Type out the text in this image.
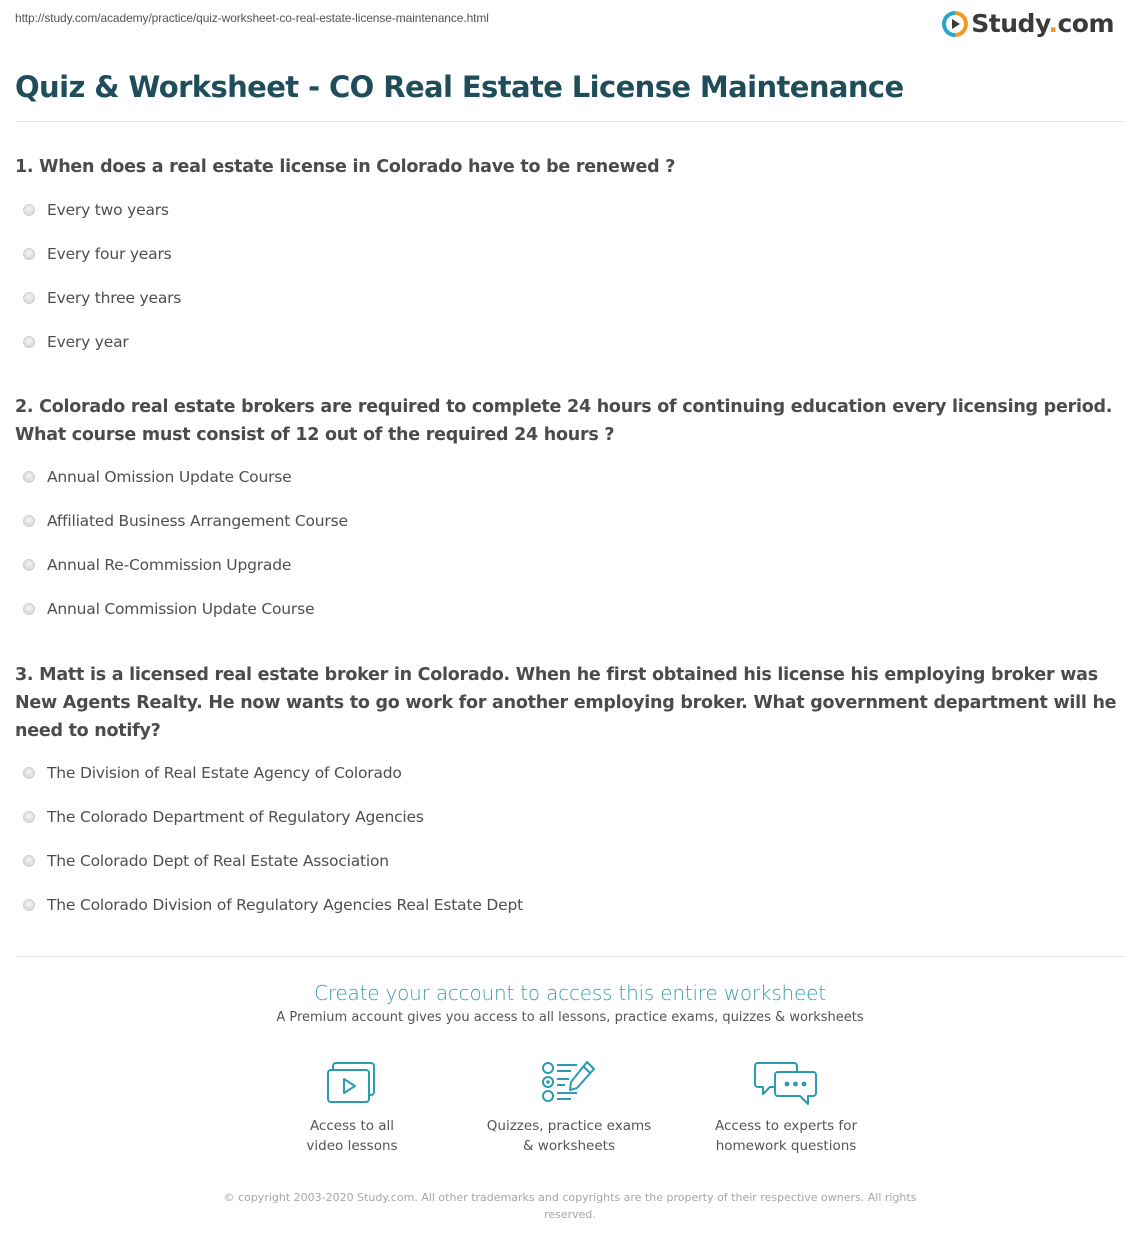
http://study.com/academy/practice/quiz-worksheet-co-real-estate-license-maintenance.html	Study.com
Quiz & Worksheet - CO Real Estate License Maintenance
1. When does a real estate license in Colorado have to be renewed ?
Every two years
Every four years
Every three years
Every year
2. Colorado real estate brokers are required to complete 24 hours of continuing education every licensing period. What course must consist of 12 out of the required 24 hours ?
Annual Omission Update Course
Affiliated Business Arrangement Course
Annual Re-Commission Upgrade
Annual Commission Update Course
3. Matt is a licensed real estate broker in Colorado. When he first obtained his license his employing broker was New Agents Realty. He now wants to go work for another employing broker. What government department will he need to notify?
The Division of Real Estate Agency of Colorado
The Colorado Department of Regulatory Agencies
The Colorado Dept of Real Estate Association
The Colorado Division of Regulatory Agencies Real Estate Dept
Create your account to access this entire worksheet
A Premium account gives you access to all lessons, practice exams, quizzes & worksheets
Access to all
video lessons
Quizzes, practice exams
& worksheets
Access to experts for
homework questions
© copyright 2003-2020 Study.com. All other trademarks and copyrights are the property of their respective owners. All rights reserved.
